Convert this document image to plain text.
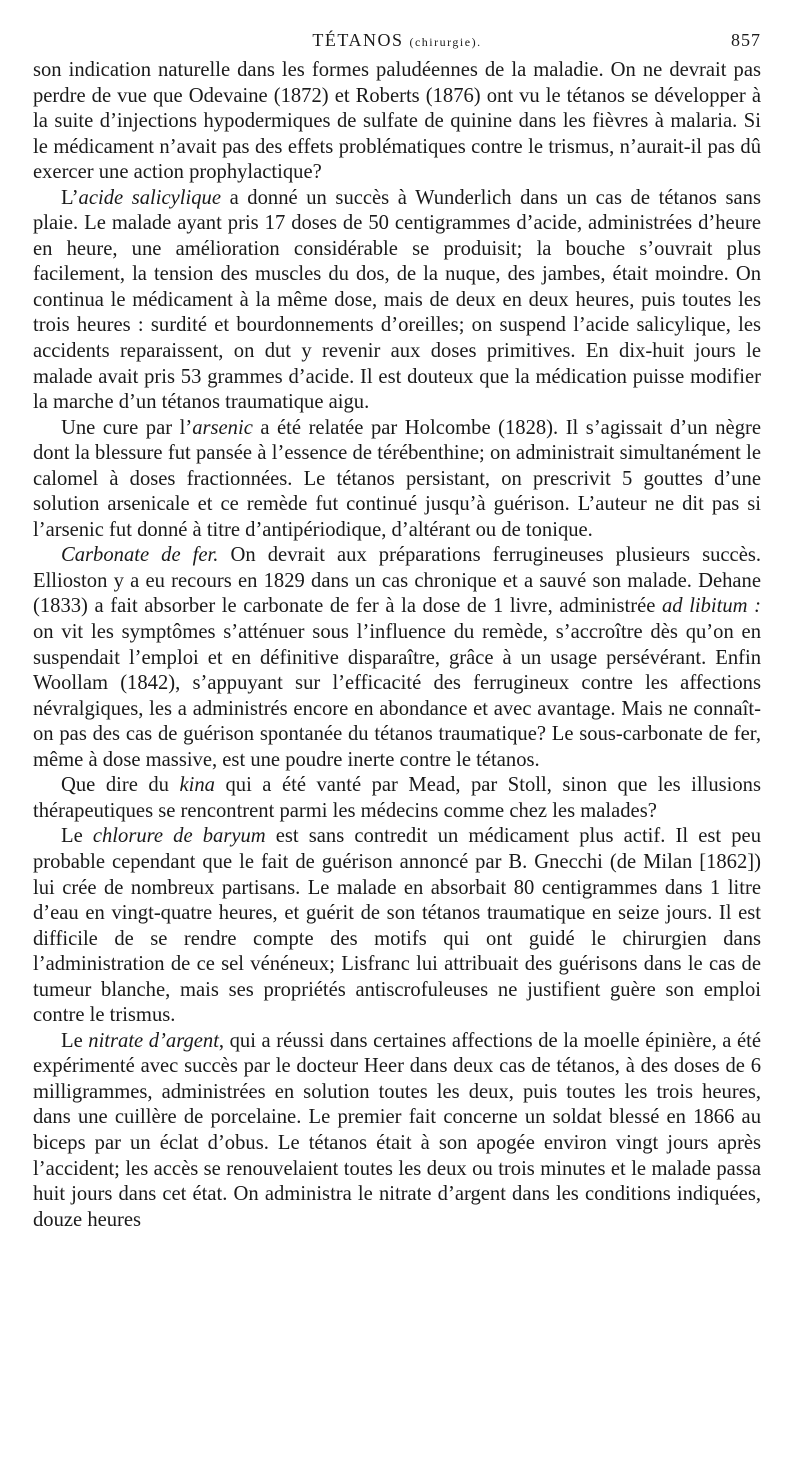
TÉTANOS (chirurgie).	857

son indication naturelle dans les formes paludéennes de la maladie. On ne devrait pas perdre de vue que Odevaine (1872) et Roberts (1876) ont vu le tétanos se développer à la suite d’injections hypodermiques de sulfate de quinine dans les fièvres à malaria. Si le médicament n’avait pas des effets problématiques contre le trismus, n’aurait-il pas dû exercer une action prophylactique?

L’acide salicylique a donné un succès à Wunderlich dans un cas de tétanos sans plaie. Le malade ayant pris 17 doses de 50 centigrammes d’acide, administrées d’heure en heure, une amélioration considérable se produisit; la bouche s’ouvrait plus facilement, la tension des muscles du dos, de la nuque, des jambes, était moindre. On continua le médicament à la même dose, mais de deux en deux heures, puis toutes les trois heures : surdité et bourdonnements d’oreilles; on suspend l’acide salicylique, les accidents reparaissent, on dut y revenir aux doses primitives. En dix-huit jours le malade avait pris 53 grammes d’acide. Il est douteux que la médication puisse modifier la marche d’un tétanos traumatique aigu.

Une cure par l’arsenic a été relatée par Holcombe (1828). Il s’agissait d’un nègre dont la blessure fut pansée à l’essence de térébenthine; on administrait simultanément le calomel à doses fractionnées. Le tétanos persistant, on prescrivit 5 gouttes d’une solution arsenicale et ce remède fut continué jusqu’à guérison. L’auteur ne dit pas si l’arsenic fut donné à titre d’antipériodique, d’altérant ou de tonique.

Carbonate de fer. On devrait aux préparations ferrugineuses plusieurs succès. Ellioston y a eu recours en 1829 dans un cas chronique et a sauvé son malade. Dehane (1833) a fait absorber le carbonate de fer à la dose de 1 livre, administrée ad libitum : on vit les symptômes s’atténuer sous l’influence du remède, s’accroître dès qu’on en suspendait l’emploi et en définitive disparaître, grâce à un usage persévérant. Enfin Woollam (1842), s’appuyant sur l’efficacité des ferrugineux contre les affections névralgiques, les a administrés encore en abondance et avec avantage. Mais ne connaît-on pas des cas de guérison spontanée du tétanos traumatique? Le sous-carbonate de fer, même à dose massive, est une poudre inerte contre le tétanos.

Que dire du kina qui a été vanté par Mead, par Stoll, sinon que les illusions thérapeutiques se rencontrent parmi les médecins comme chez les malades?

Le chlorure de baryum est sans contredit un médicament plus actif. Il est peu probable cependant que le fait de guérison annoncé par B. Gnecchi (de Milan [1862]) lui crée de nombreux partisans. Le malade en absorbait 80 centigrammes dans 1 litre d’eau en vingt-quatre heures, et guérit de son tétanos traumatique en seize jours. Il est difficile de se rendre compte des motifs qui ont guidé le chirurgien dans l’administration de ce sel vénéneux; Lisfranc lui attribuait des guérisons dans le cas de tumeur blanche, mais ses propriétés antiscrofuleuses ne justifient guère son emploi contre le trismus.

Le nitrate d’argent, qui a réussi dans certaines affections de la moelle épinière, a été expérimenté avec succès par le docteur Heer dans deux cas de tétanos, à des doses de 6 milligrammes, administrées en solution toutes les deux, puis toutes les trois heures, dans une cuillère de porcelaine. Le premier fait concerne un soldat blessé en 1866 au biceps par un éclat d’obus. Le tétanos était à son apogée environ vingt jours après l’accident; les accès se renouvelaient toutes les deux ou trois minutes et le malade passa huit jours dans cet état. On administra le nitrate d’argent dans les conditions indiquées, douze heures
